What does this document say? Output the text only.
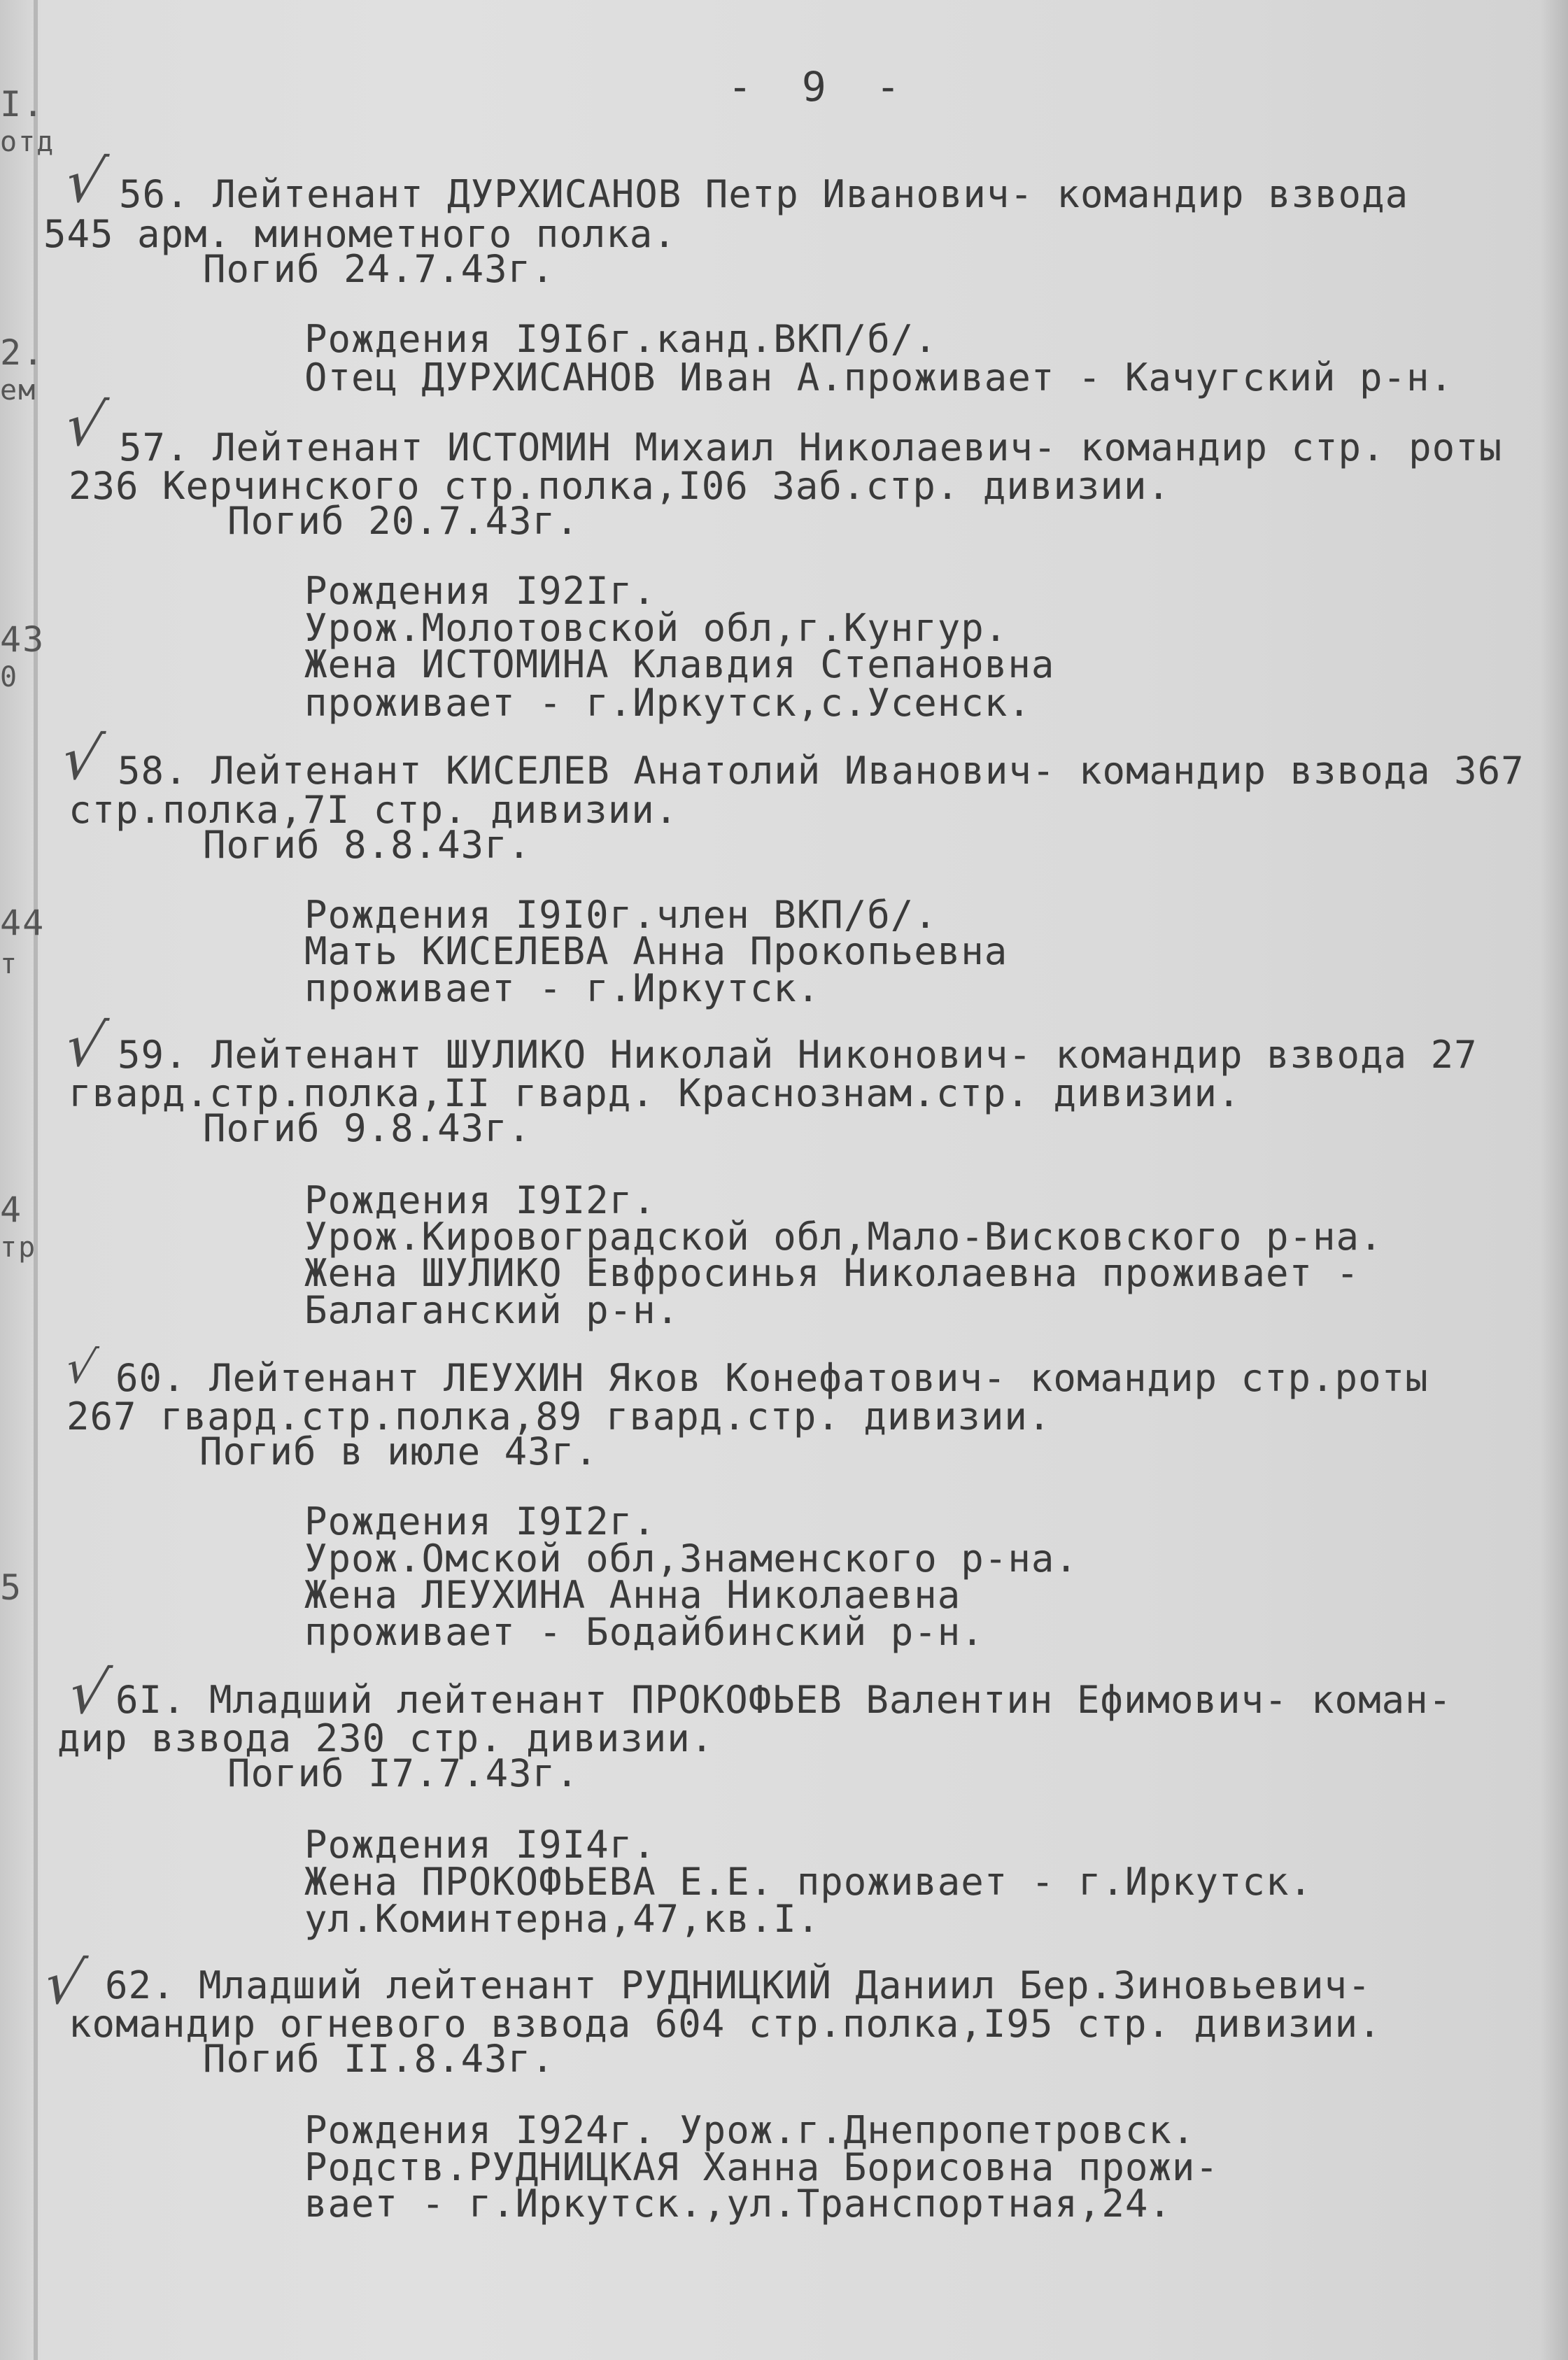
I.
отд
2.
ем
43
0
44
т
4
тр
5
- 9 -
√ 56. Лейтенант ДУРХИСАНОВ Петр Иванович- командир взвода
545 арм. минометного полка.
Погиб 24.7.43г.
Рождения I9I6г.канд.ВКП/б/.
Отец ДУРХИСАНОВ Иван А.проживает - Качугский р-н.
√ 57. Лейтенант ИСТОМИН Михаил Николаевич- командир стр. роты
236 Керчинского стр.полка,I06 Заб.стр. дивизии.
Погиб 20.7.43г.
Рождения I92Iг.
Урож.Молотовской обл,г.Кунгур.
Жена ИСТОМИНА Клавдия Степановна
проживает - г.Иркутск,с.Усенск.
√ 58. Лейтенант КИСЕЛЕВ Анатолий Иванович- командир взвода 367
стр.полка,7I стр. дивизии.
Погиб 8.8.43г.
Рождения I9I0г.член ВКП/б/.
Мать КИСЕЛЕВА Анна Прокопьевна
проживает - г.Иркутск.
√ 59. Лейтенант ШУЛИКО Николай Никонович- командир взвода 27
гвард.стр.полка,II гвард. Краснознам.стр. дивизии.
Погиб 9.8.43г.
Рождения I9I2г.
Урож.Кировоградской обл,Мало-Висковского р-на.
Жена ШУЛИКО Евфросинья Николаевна проживает -
Балаганский р-н.
√ 60. Лейтенант ЛЕУХИН Яков Конефатович- командир стр.роты
267 гвард.стр.полка,89 гвард.стр. дивизии.
Погиб в июле 43г.
Рождения I9I2г.
Урож.Омской обл,Знаменского р-на.
Жена ЛЕУХИНА Анна Николаевна
проживает - Бодайбинский р-н.
√ 6I. Младший лейтенант ПРОКОФЬЕВ Валентин Ефимович- коман-
дир взвода 230 стр. дивизии.
Погиб I7.7.43г.
Рождения I9I4г.
Жена ПРОКОФЬЕВА Е.Е. проживает - г.Иркутск.
ул.Коминтерна,47,кв.I.
√ 62. Младший лейтенант РУДНИЦКИЙ Даниил Бер.Зиновьевич-
командир огневого взвода 604 стр.полка,I95 стр. дивизии.
Погиб II.8.43г.
Рождения I924г. Урож.г.Днепропетровск.
Родств.РУДНИЦКАЯ Ханна Борисовна прожи-
вает - г.Иркутск.,ул.Транспортная,24.
